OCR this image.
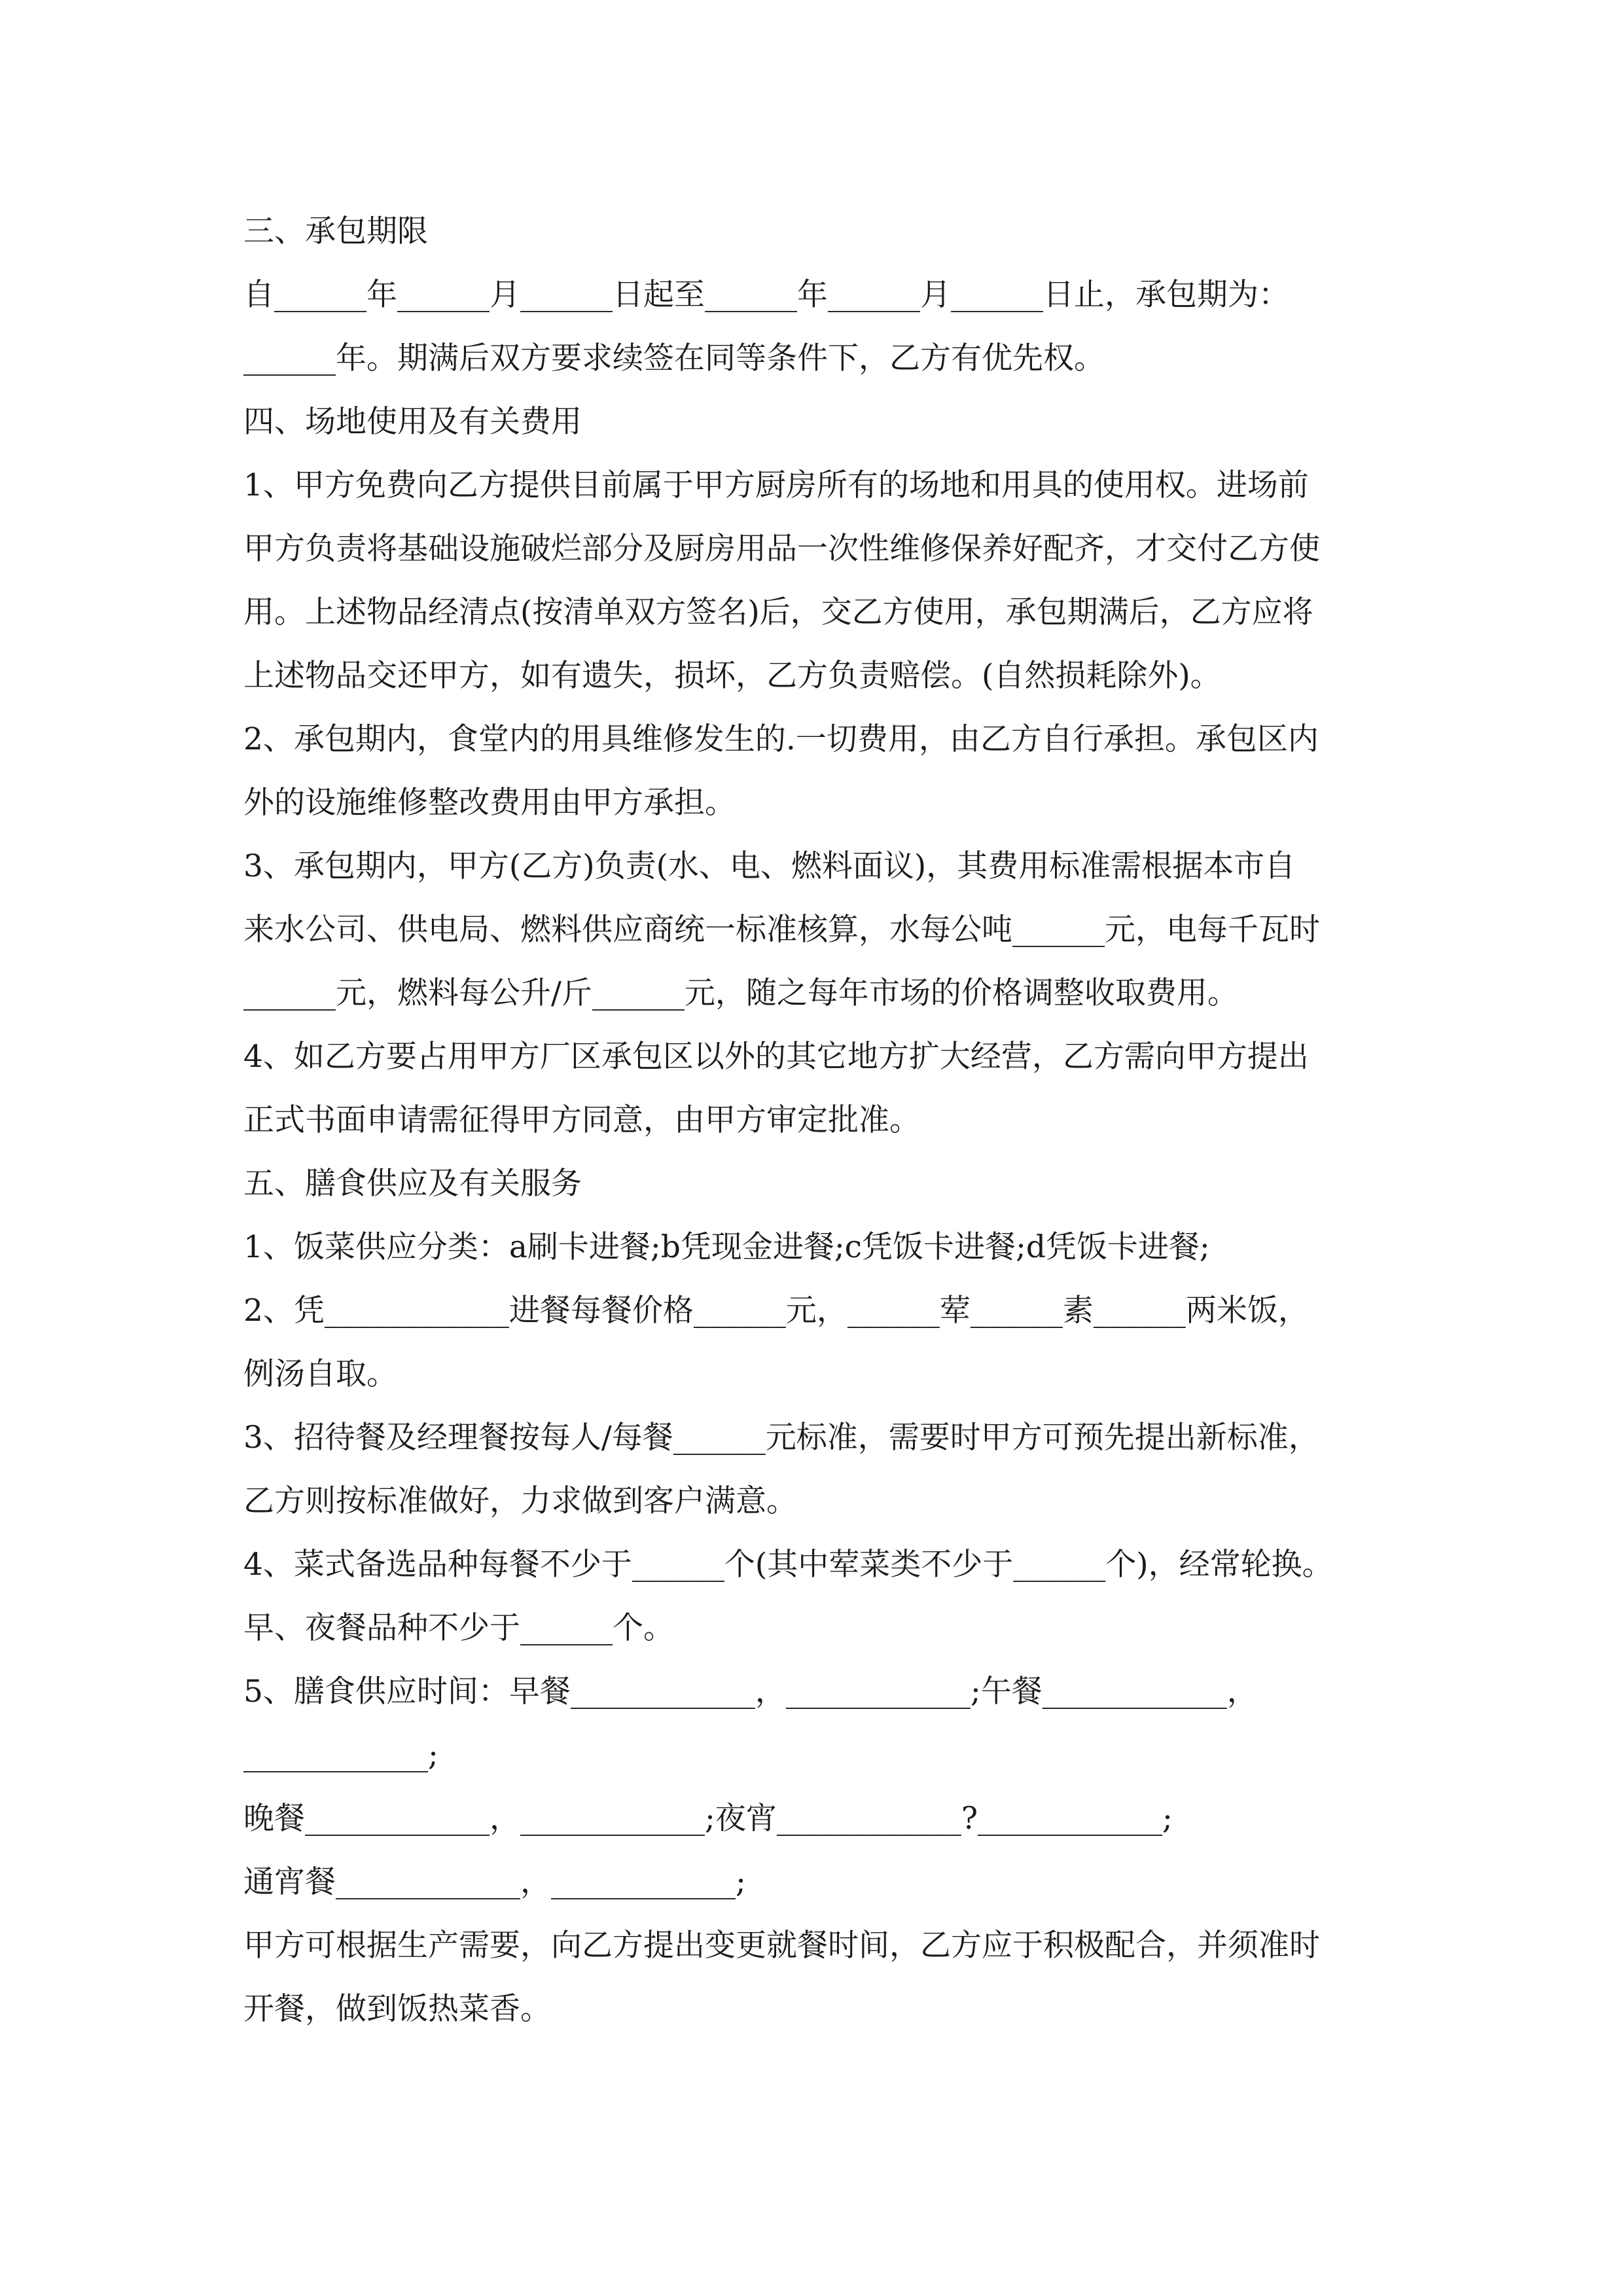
三、承包期限
自______年______月______日起至______年______月______日止，承包期为：
______年。期满后双方要求续签在同等条件下，乙方有优先权。
四、场地使用及有关费用
1、甲方免费向乙方提供目前属于甲方厨房所有的场地和用具的使用权。进场前
甲方负责将基础设施破烂部分及厨房用品一次性维修保养好配齐，才交付乙方使
用。上述物品经清点(按清单双方签名)后，交乙方使用，承包期满后，乙方应将
上述物品交还甲方，如有遗失，损坏，乙方负责赔偿。(自然损耗除外)。
2、承包期内，食堂内的用具维修发生的.一切费用，由乙方自行承担。承包区内
外的设施维修整改费用由甲方承担。
3、承包期内，甲方(乙方)负责(水、电、燃料面议)，其费用标准需根据本市自
来水公司、供电局、燃料供应商统一标准核算，水每公吨______元，电每千瓦时
______元，燃料每公升/斤______元，随之每年市场的价格调整收取费用。
4、如乙方要占用甲方厂区承包区以外的其它地方扩大经营，乙方需向甲方提出
正式书面申请需征得甲方同意，由甲方审定批准。
五、膳食供应及有关服务
1、饭菜供应分类：a刷卡进餐;b凭现金进餐;c凭饭卡进餐;d凭饭卡进餐;
2、凭____________进餐每餐价格______元，______荤______素______两米饭，
例汤自取。
3、招待餐及经理餐按每人/每餐______元标准，需要时甲方可预先提出新标准，
乙方则按标准做好，力求做到客户满意。
4、菜式备选品种每餐不少于______个(其中荤菜类不少于______个)，经常轮换。
早、夜餐品种不少于______个。
5、膳食供应时间：早餐____________，____________;午餐____________，
____________;
晚餐____________，____________;夜宵____________?____________;
通宵餐____________，____________;
甲方可根据生产需要，向乙方提出变更就餐时间，乙方应于积极配合，并须准时
开餐，做到饭热菜香。
